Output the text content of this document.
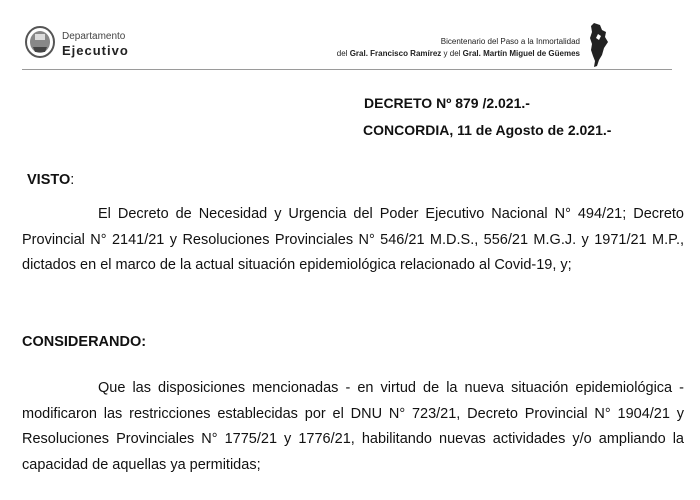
Departamento
Ejecutivo
Bicentenario del Paso a la Inmortalidad
del Gral. Francisco Ramírez y del Gral. Martín Miguel de Güemes
DECRETO Nº 879 /2.021.-
CONCORDIA, 11 de Agosto de 2.021.-
VISTO:

El Decreto de Necesidad y Urgencia del Poder Ejecutivo Nacional N° 494/21; Decreto Provincial N° 2141/21 y Resoluciones Provinciales N° 546/21 M.D.S., 556/21 M.G.J. y 1971/21 M.P., dictados en el marco de la actual situación epidemiológica relacionado al Covid-19, y;

CONSIDERANDO:

Que las disposiciones mencionadas - en virtud de la nueva situación epidemiológica - modificaron las restricciones establecidas por el DNU N° 723/21, Decreto Provincial N° 1904/21 y Resoluciones Provinciales N° 1775/21 y 1776/21, habilitando nuevas actividades y/o ampliando la capacidad de aquellas ya permitidas;
